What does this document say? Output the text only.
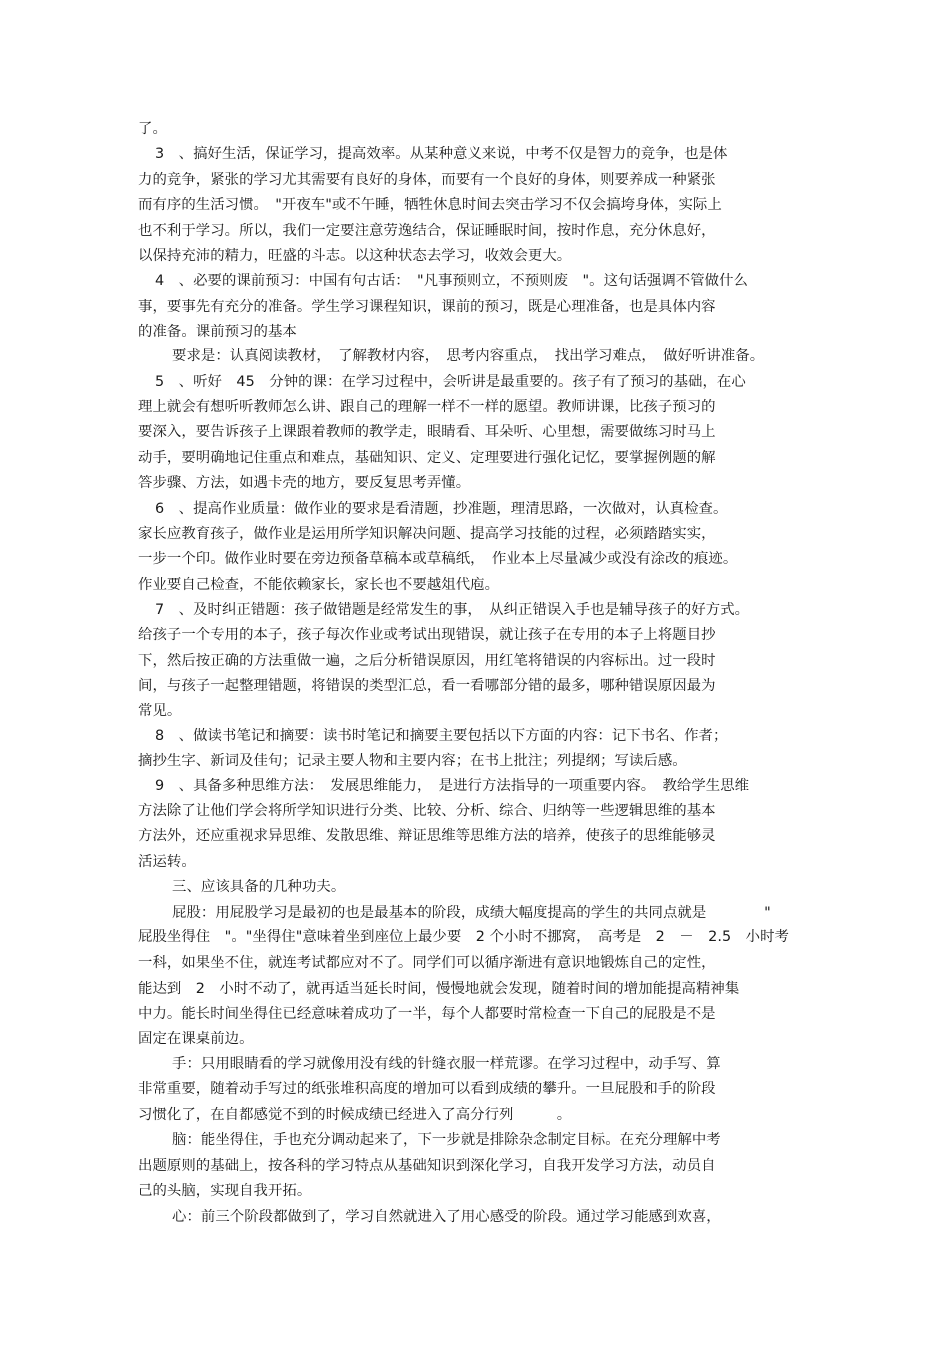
了。
3　、搞好生活，保证学习，提高效率。从某种意义来说，中考不仅是智力的竞争，也是体
力的竞争，紧张的学习尤其需要有良好的身体，而要有一个良好的身体，则要养成一种紧张
而有序的生活习惯。　"开夜车"或不午睡，牺牲休息时间去突击学习不仅会搞垮身体，实际上
也不利于学习。所以，我们一定要注意劳逸结合，保证睡眠时间，按时作息，充分休息好，
以保持充沛的精力，旺盛的斗志。以这种状态去学习，收效会更大。
4　、必要的课前预习：中国有句古话：　"凡事预则立，不预则废　"。这句话强调不管做什么
事，要事先有充分的准备。学生学习课程知识，课前的预习，既是心理准备，也是具体内容
的准备。课前预习的基本
要求是：认真阅读教材，　了解教材内容，　思考内容重点，　找出学习难点，　做好听讲准备。
5　、听好　45　分钟的课：在学习过程中，会听讲是最重要的。孩子有了预习的基础，在心
理上就会有想听听教师怎么讲、跟自己的理解一样不一样的愿望。教师讲课，比孩子预习的
要深入，要告诉孩子上课跟着教师的教学走，眼睛看、耳朵听、心里想，需要做练习时马上
动手，要明确地记住重点和难点，基础知识、定义、定理要进行强化记忆，要掌握例题的解
答步骤、方法，如遇卡壳的地方，要反复思考弄懂。
6　、提高作业质量：做作业的要求是看清题，抄准题，理清思路，一次做对，认真检查。
家长应教育孩子，做作业是运用所学知识解决问题、提高学习技能的过程，必须踏踏实实，
一步一个印。做作业时要在旁边预备草稿本或草稿纸，　作业本上尽量减少或没有涂改的痕迹。
作业要自己检查，不能依赖家长，家长也不要越俎代庖。
7　、及时纠正错题：孩子做错题是经常发生的事，　从纠正错误入手也是辅导孩子的好方式。
给孩子一个专用的本子，孩子每次作业或考试出现错误，就让孩子在专用的本子上将题目抄
下，然后按正确的方法重做一遍，之后分析错误原因，用红笔将错误的内容标出。过一段时
间，与孩子一起整理错题，将错误的类型汇总，看一看哪部分错的最多，哪种错误原因最为
常见。
8　、做读书笔记和摘要：读书时笔记和摘要主要包括以下方面的内容：记下书名、作者；
摘抄生字、新词及佳句；记录主要人物和主要内容；在书上批注；列提纲；写读后感。
9　、具备多种思维方法：　发展思维能力，　是进行方法指导的一项重要内容。　教给学生思维
方法除了让他们学会将所学知识进行分类、比较、分析、综合、归纳等一些逻辑思维的基本
方法外，还应重视求异思维、发散思维、辩证思维等思维方法的培养，使孩子的思维能够灵
活运转。
三、应该具备的几种功夫。
屁股：用屁股学习是最初的也是最基本的阶段，成绩大幅度提高的学生的共同点就是　　　　"
屁股坐得住　"。"坐得住"意味着坐到座位上最少要　2 个小时不挪窝，　高考是　2　－　2.5　小时考
一科，如果坐不住，就连考试都应对不了。同学们可以循序渐进有意识地锻炼自己的定性，
能达到　2　小时不动了，就再适当延长时间，慢慢地就会发现，随着时间的增加能提高精神集
中力。能长时间坐得住已经意味着成功了一半，每个人都要时常检查一下自己的屁股是不是
固定在课桌前边。
手：只用眼睛看的学习就像用没有线的针缝衣服一样荒谬。在学习过程中，动手写、算
非常重要，随着动手写过的纸张堆积高度的增加可以看到成绩的攀升。一旦屁股和手的阶段
习惯化了，在自都感觉不到的时候成绩已经进入了高分行列　　　。
脑：能坐得住，手也充分调动起来了，下一步就是排除杂念制定目标。在充分理解中考
出题原则的基础上，按各科的学习特点从基础知识到深化学习，自我开发学习方法，动员自
己的头脑，实现自我开拓。
心：前三个阶段都做到了，学习自然就进入了用心感受的阶段。通过学习能感到欢喜，
